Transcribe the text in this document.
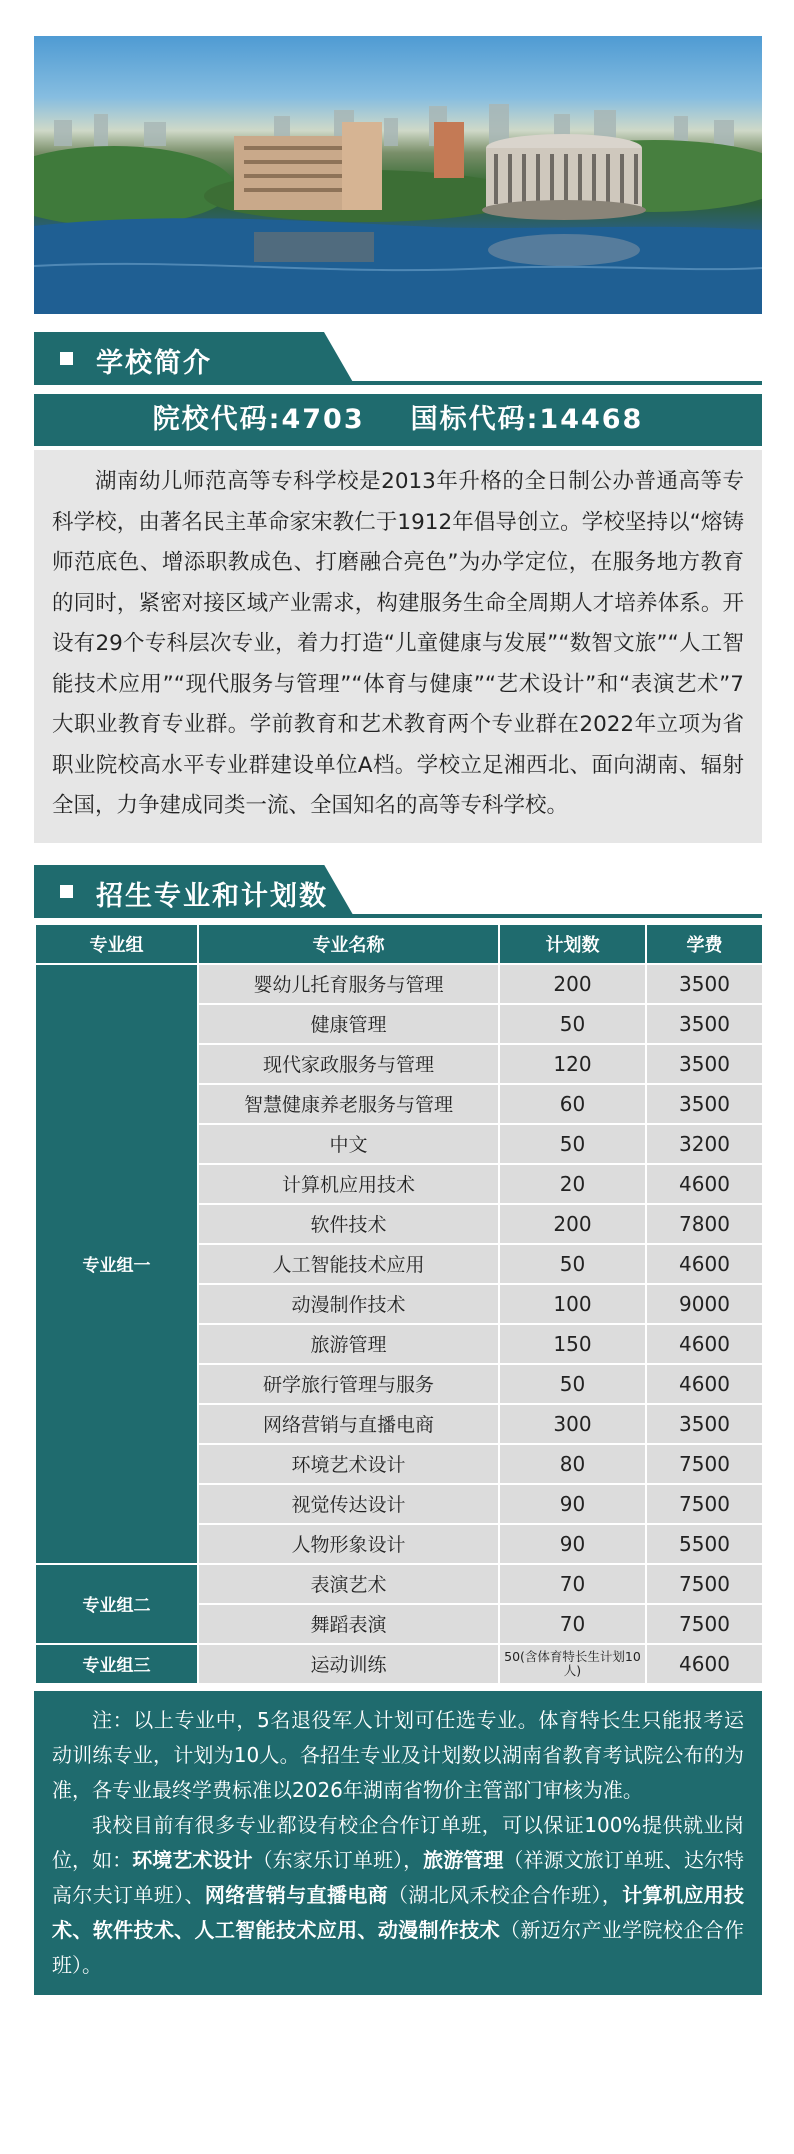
学校简介
院校代码:4703 国标代码:14468
湖南幼儿师范高等专科学校是2013年升格的全日制公办普通高等专科学校，由著名民主革命家宋教仁于1912年倡导创立。学校坚持以“熔铸师范底色、增添职教成色、打磨融合亮色”为办学定位，在服务地方教育的同时，紧密对接区域产业需求，构建服务生命全周期人才培养体系。开设有29个专科层次专业，着力打造“儿童健康与发展”“数智文旅”“人工智能技术应用”“现代服务与管理”“体育与健康”“艺术设计”和“表演艺术”7大职业教育专业群。学前教育和艺术教育两个专业群在2022年立项为省职业院校高水平专业群建设单位A档。学校立足湘西北、面向湖南、辐射全国，力争建成同类一流、全国知名的高等专科学校。
招生专业和计划数
专业组	专业名称	计划数	学费
专业组一	婴幼儿托育服务与管理	200	3500
	健康管理	50	3500
	现代家政服务与管理	120	3500
	智慧健康养老服务与管理	60	3500
	中文	50	3200
	计算机应用技术	20	4600
	软件技术	200	7800
	人工智能技术应用	50	4600
	动漫制作技术	100	9000
	旅游管理	150	4600
	研学旅行管理与服务	50	4600
	网络营销与直播电商	300	3500
	环境艺术设计	80	7500
	视觉传达设计	90	7500
	人物形象设计	90	5500
专业组二	表演艺术	70	7500
	舞蹈表演	70	7500
专业组三	运动训练	50(含体育特长生计划10人)	4600

注：以上专业中，5名退役军人计划可任选专业。体育特长生只能报考运动训练专业，计划为10人。各招生专业及计划数以湖南省教育考试院公布的为准，各专业最终学费标准以2026年湖南省物价主管部门审核为准。

我校目前有很多专业都设有校企合作订单班，可以保证100%提供就业岗位，如：环境艺术设计（东家乐订单班），旅游管理（祥源文旅订单班、达尔特高尔夫订单班）、网络营销与直播电商（湖北风禾校企合作班），计算机应用技术、软件技术、人工智能技术应用、动漫制作技术（新迈尔产业学院校企合作班）。
